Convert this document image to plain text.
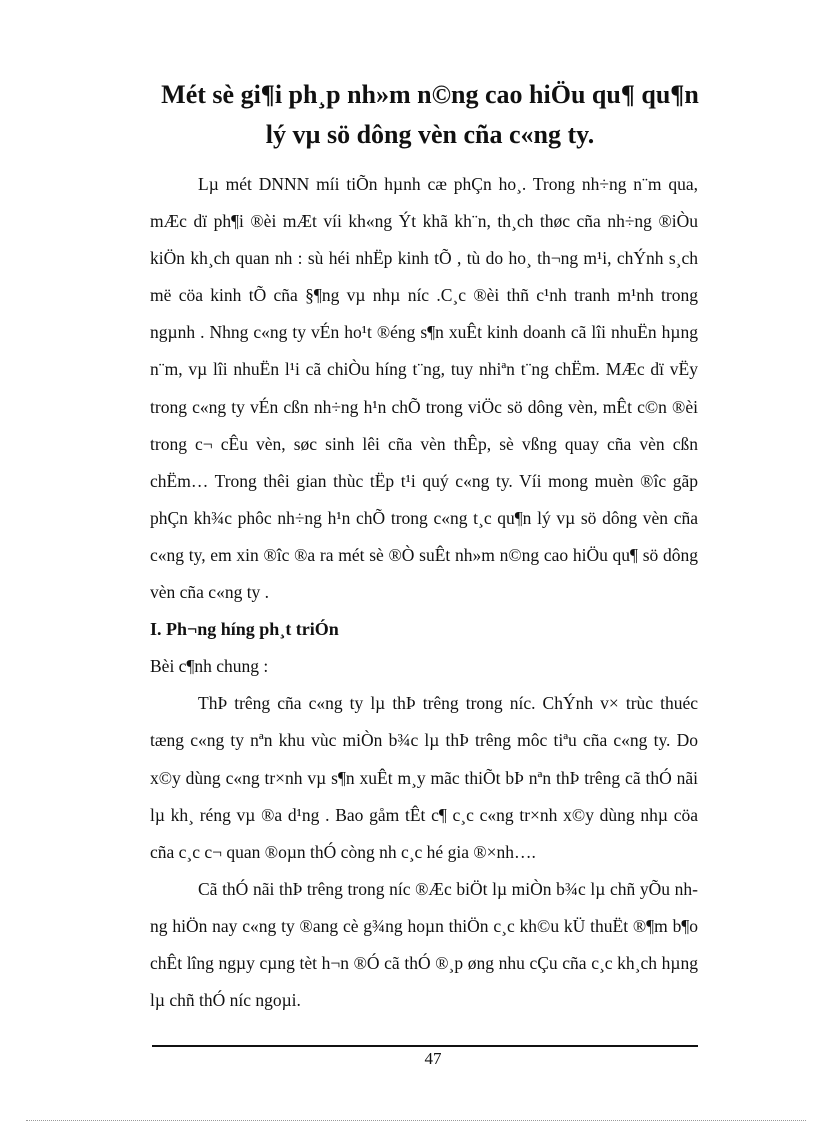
Mét sè gi¶i ph¸p nh»m n©ng cao hiÖu qu¶ qu¶n
lý vµ sö dông vèn cña c«ng ty.

Lµ mét DNNN míi tiÕn hµnh cæ phÇn ho¸. Trong nh÷ng n¨m qua, mÆc dï ph¶i ®èi mÆt víi kh«ng Ýt khã kh¨n, th¸ch thøc cña nh÷ng ®iÒu kiÖn kh¸ch quan nh : sù héi nhËp kinh tÕ , tù do ho¸ th¬ng m¹i, chÝnh s¸ch më cöa kinh tÕ cña §¶ng vµ nhµ níc .C¸c ®èi thñ c¹nh tranh m¹nh trong ngµnh . Nhng c«ng ty vÉn ho¹t ®éng s¶n xuÊt kinh doanh cã lîi nhuËn hµng n¨m, vµ lîi nhuËn l¹i cã chiÒu híng t¨ng, tuy nhiªn t¨ng chËm. MÆc dï vËy trong c«ng ty vÉn cßn nh÷ng h¹n chÕ trong viÖc sö dông vèn, mÊt c©n ®èi trong c¬ cÊu vèn, søc sinh lêi cña vèn thÊp, sè vßng quay cña vèn cßn chËm… Trong thêi gian thùc tËp t¹i quý c«ng ty. Víi mong muèn ®îc gãp phÇn kh¾c phôc nh÷ng h¹n chÕ trong c«ng t¸c qu¶n lý vµ sö dông vèn cña c«ng ty, em xin ®îc ®a ra mét sè ®Ò suÊt nh»m n©ng cao hiÖu qu¶ sö dông vèn cña c«ng ty .

I. Ph¬ng híng ph¸t triÓn

Bèi c¶nh chung :

ThÞ trêng cña c«ng ty lµ thÞ trêng trong níc. ChÝnh v× trùc thuéc tæng c«ng ty nªn khu vùc miÒn b¾c lµ thÞ trêng môc tiªu cña c«ng ty. Do x©y dùng c«ng tr×nh vµ s¶n xuÊt m¸y mãc thiÕt bÞ nªn thÞ trêng cã thÓ nãi lµ kh¸ réng vµ ®a d¹ng . Bao gåm tÊt c¶ c¸c c«ng tr×nh x©y dùng nhµ cöa cña c¸c c¬ quan ®oµn thÓ còng nh c¸c hé gia ®×nh….

Cã thÓ nãi thÞ trêng trong níc ®Æc biÖt lµ miÒn b¾c lµ chñ yÕu nhng hiÖn nay c«ng ty ®ang cè g¾ng hoµn thiÖn c¸c kh©u kÜ thuËt ®¶m b¶o chÊt lîng ngµy cµng tèt h¬n ®Ó cã thÓ ®¸p øng nhu cÇu cña c¸c kh¸ch hµng lµ chñ thÓ níc ngoµi.

47
